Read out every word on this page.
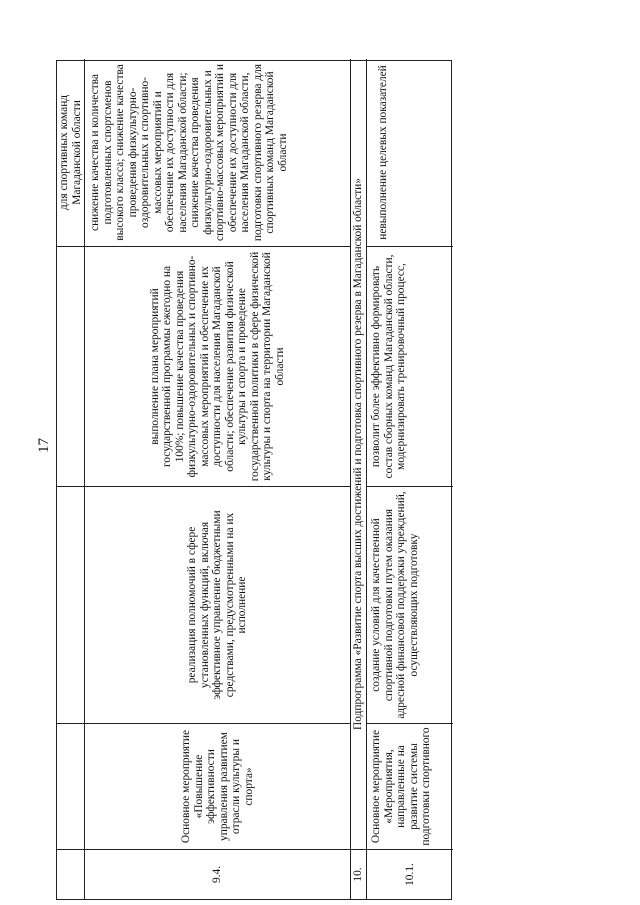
17
для спортивных команд Магаданской области
9.4.
Основное мероприятие «Повышение эффективности управления развитием отрасли культуры и спорта»
реализация полномочий в сфере установленных функций, включая эффективное управление бюджетными средствами, предусмотренными на их исполнение
выполнение плана мероприятий государственной программы ежегодно на 100%; повышение качества проведения физкультурно-оздоровительных и спортивно-массовых мероприятий и обеспечение их доступности для населения Магаданской области; обеспечение развития физической культуры и спорта и проведение государственной политики в сфере физической культуры и спорта на территории Магаданской области
снижение качества и количества подготовленных спортсменов высокого класса; снижение качества проведения физкультурно-оздоровительных и спортивно-массовых мероприятий и обеспечение их доступности для населения Магаданской области; снижение качества проведения физкультурно-оздоровительных и спортивно-массовых мероприятий и обеспечение их доступности для населения Магаданской области, подготовки спортивного резерва для спортивных команд Магаданской области
10.
Подпрограмма «Развитие спорта высших достижений и подготовка спортивного резерва в Магаданской области»
10.1.
Основное мероприятие «Мероприятия, направленные на развитие системы подготовки спортивного
создание условий для качественной спортивной подготовки путем оказания адресной финансовой поддержки учреждений, осуществляющих подготовку
позволит более эффективно формировать состав сборных команд Магаданской области, модернизировать тренировочный процесс,
невыполнение целевых показателей
